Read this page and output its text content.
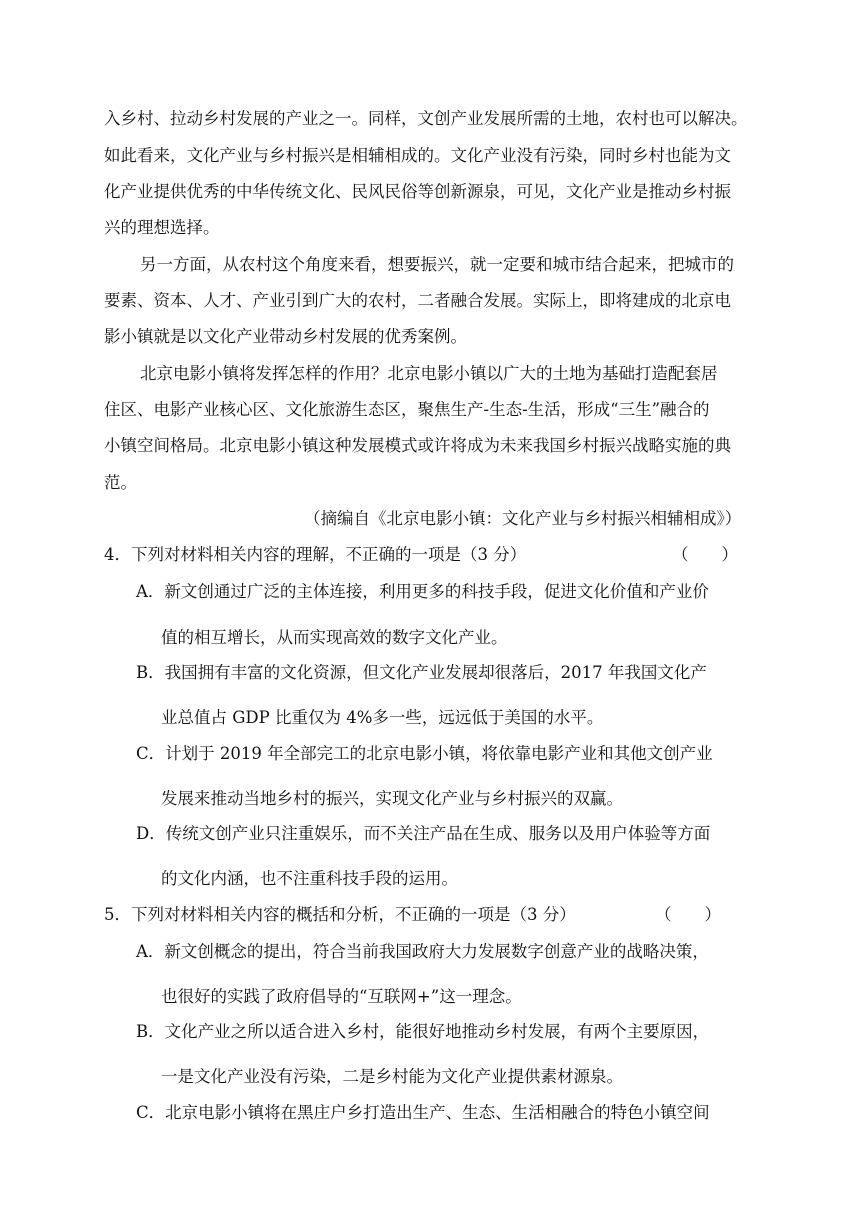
入乡村、拉动乡村发展的产业之一。同样，文创产业发展所需的土地，农村也可以解决。
如此看来，文化产业与乡村振兴是相辅相成的。文化产业没有污染，同时乡村也能为文
化产业提供优秀的中华传统文化、民风民俗等创新源泉，可见，文化产业是推动乡村振
兴的理想选择。
另一方面，从农村这个角度来看，想要振兴，就一定要和城市结合起来，把城市的
要素、资本、人才、产业引到广大的农村，二者融合发展。实际上，即将建成的北京电
影小镇就是以文化产业带动乡村发展的优秀案例。
北京电影小镇将发挥怎样的作用？北京电影小镇以广大的土地为基础打造配套居
住区、电影产业核心区、文化旅游生态区，聚焦生产-生态-生活，形成“三生”融合的
小镇空间格局。北京电影小镇这种发展模式或许将成为未来我国乡村振兴战略实施的典
范。
（摘编自《北京电影小镇：文化产业与乡村振兴相辅相成》）
4．下列对材料相关内容的理解，不正确的一项是（3 分）	（　　）
A．新文创通过广泛的主体连接，利用更多的科技手段，促进文化价值和产业价
值的相互增长，从而实现高效的数字文化产业。
B．我国拥有丰富的文化资源，但文化产业发展却很落后，2017 年我国文化产
业总值占 GDP 比重仅为 4%多一些，远远低于美国的水平。
C．计划于 2019 年全部完工的北京电影小镇，将依靠电影产业和其他文创产业
发展来推动当地乡村的振兴，实现文化产业与乡村振兴的双赢。
D．传统文创产业只注重娱乐，而不关注产品在生成、服务以及用户体验等方面
的文化内涵，也不注重科技手段的运用。
5．下列对材料相关内容的概括和分析，不正确的一项是（3 分）	（　　）
A．新文创概念的提出，符合当前我国政府大力发展数字创意产业的战略决策，
也很好的实践了政府倡导的“互联网+”这一理念。
B．文化产业之所以适合进入乡村，能很好地推动乡村发展，有两个主要原因，
一是文化产业没有污染，二是乡村能为文化产业提供素材源泉。
C．北京电影小镇将在黑庄户乡打造出生产、生态、生活相融合的特色小镇空间
